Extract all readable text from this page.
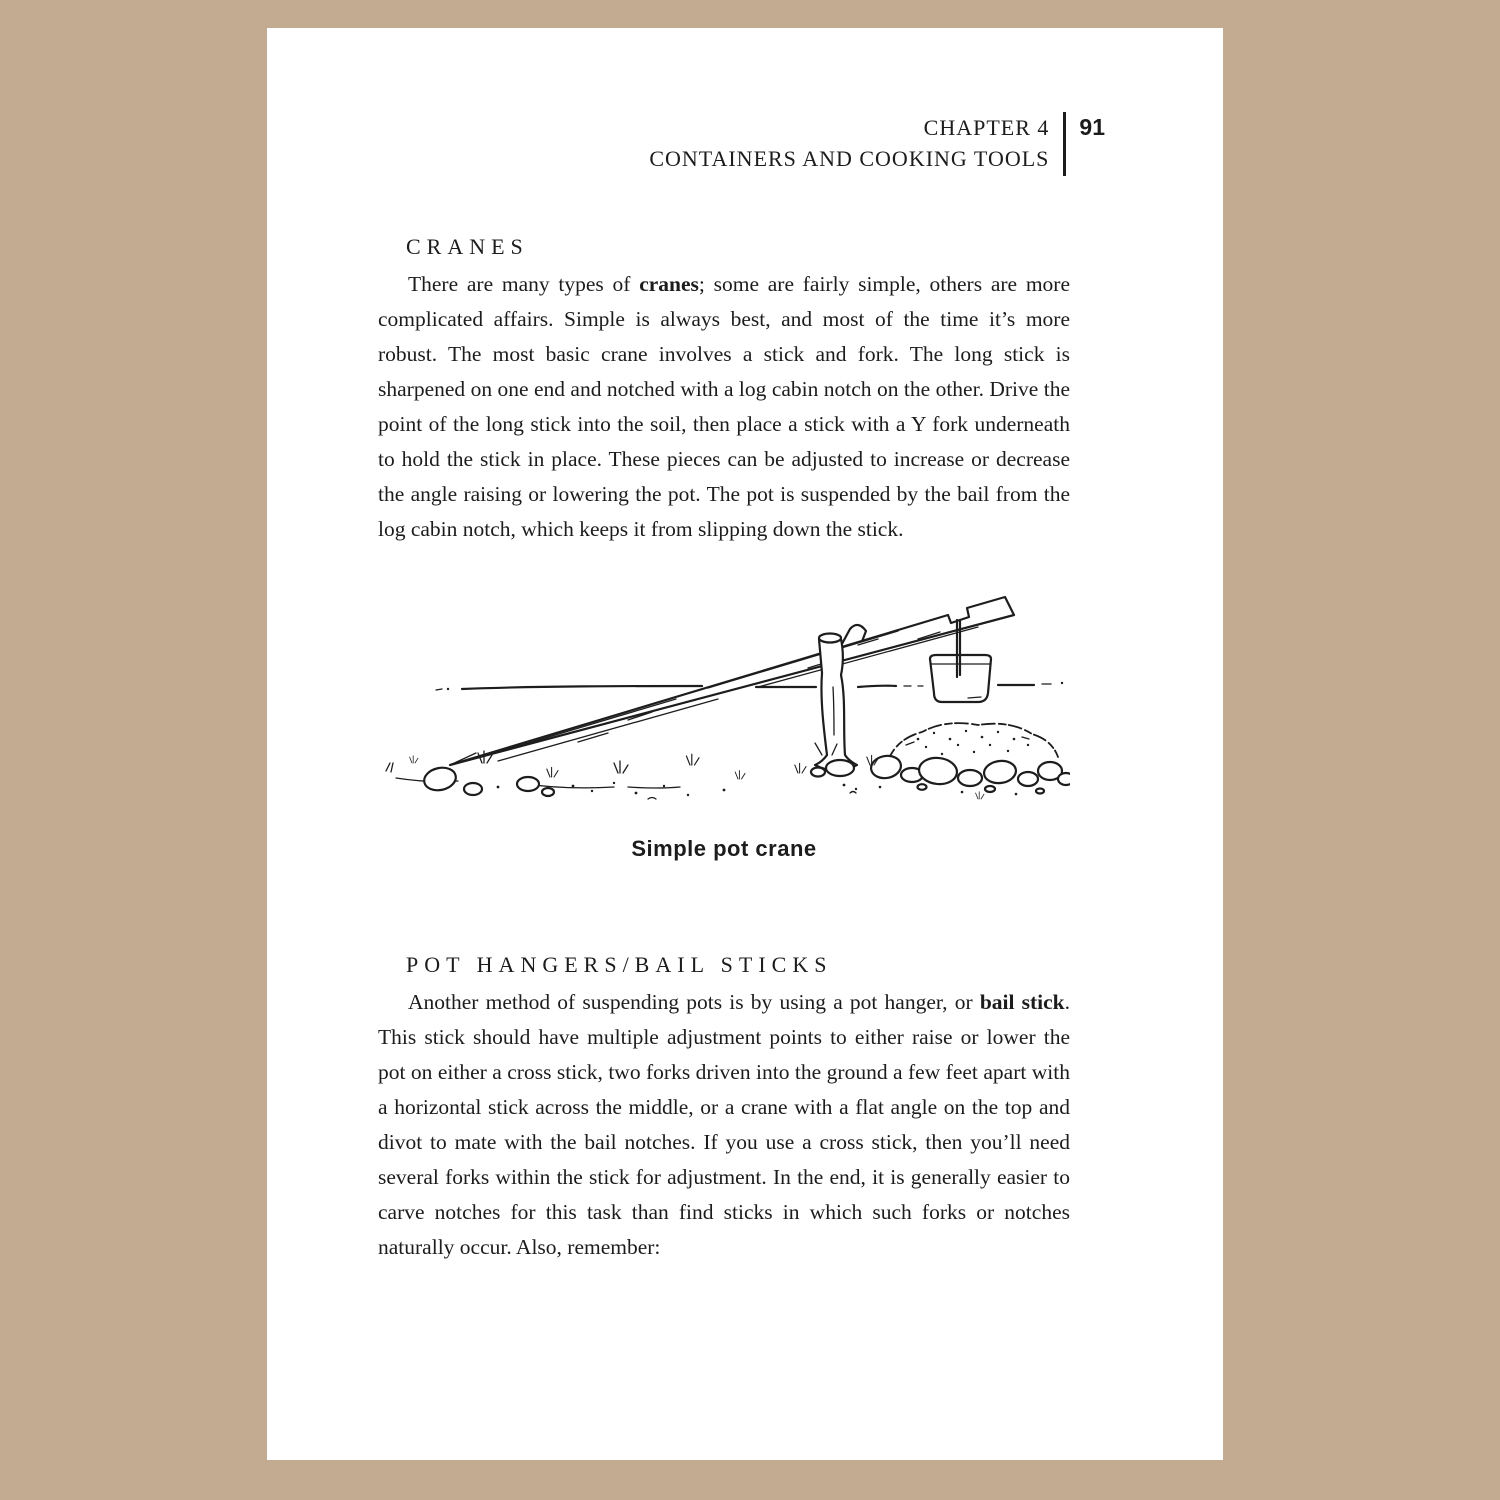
CHAPTER 4
CONTAINERS AND COOKING TOOLS
91
CRANES

There are many types of cranes; some are fairly simple, others are more complicated affairs. Simple is always best, and most of the time it’s more robust. The most basic crane involves a stick and fork. The long stick is sharpened on one end and notched with a log cabin notch on the other. Drive the point of the long stick into the soil, then place a stick with a Y fork underneath to hold the stick in place. These pieces can be adjusted to increase or decrease the angle raising or lowering the pot. The pot is suspended by the bail from the log cabin notch, which keeps it from slipping down the stick.

Simple pot crane
POT HANGERS/BAIL STICKS

Another method of suspending pots is by using a pot hanger, or bail stick. This stick should have multiple adjustment points to either raise or lower the pot on either a cross stick, two forks driven into the ground a few feet apart with a horizontal stick across the middle, or a crane with a flat angle on the top and divot to mate with the bail notches. If you use a cross stick, then you’ll need several forks within the stick for adjustment. In the end, it is generally easier to carve notches for this task than find sticks in which such forks or notches naturally occur. Also, remember:
